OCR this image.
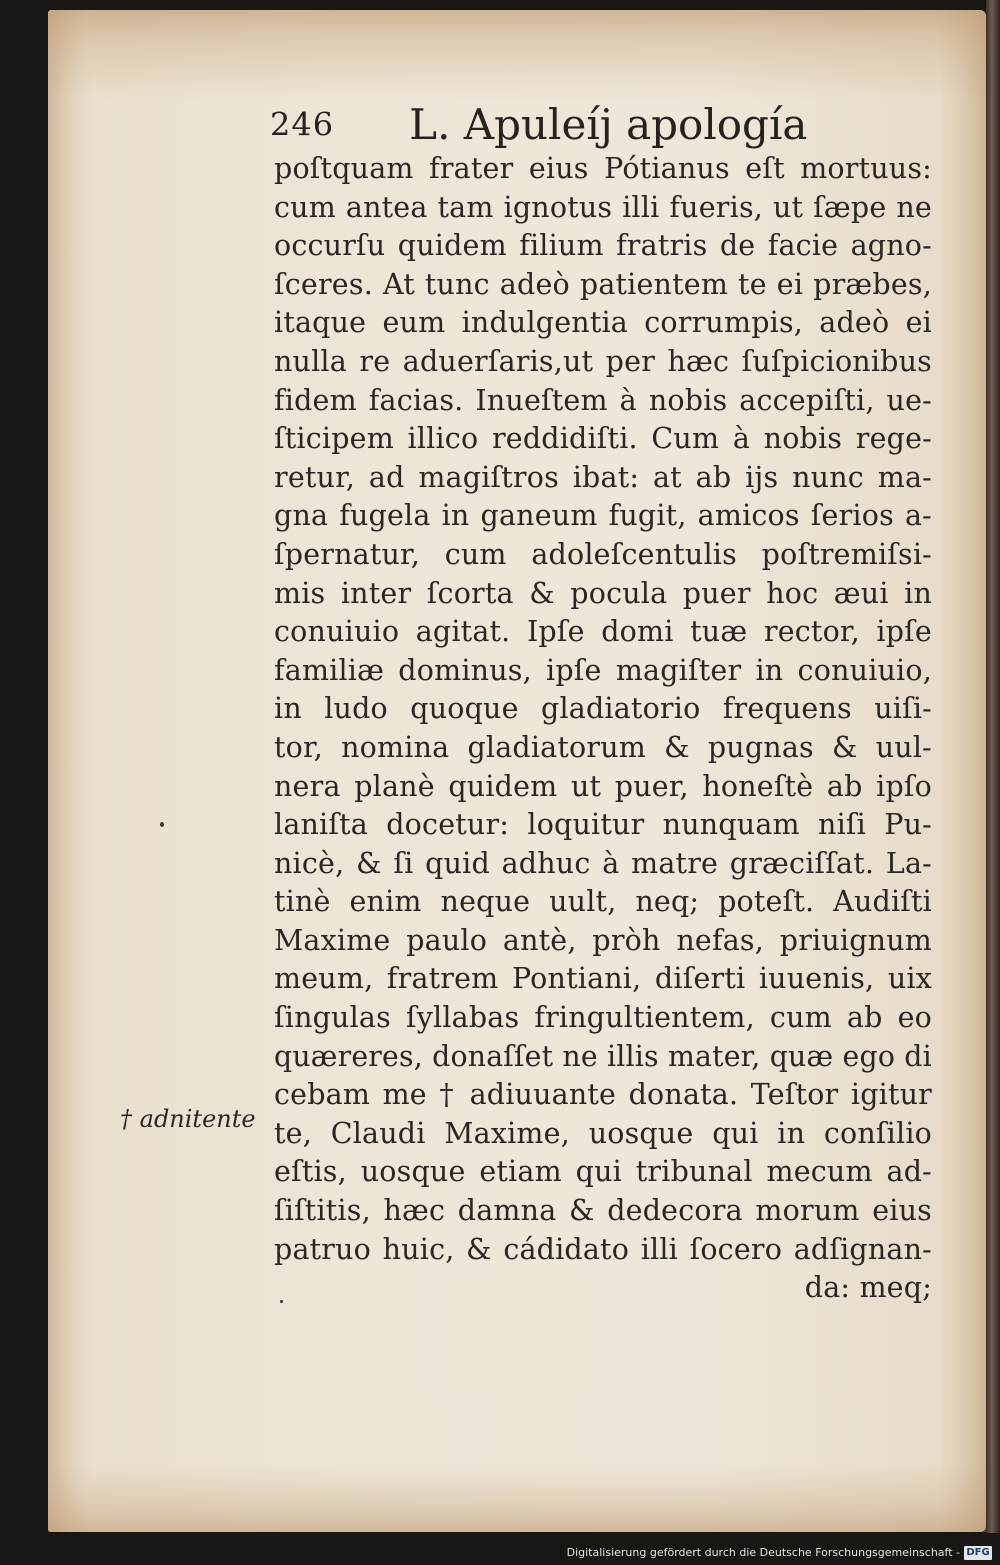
246 L. Apuleíj apología
poſtquam frater eius Pótianus eſt mortuus:
cum antea tam ignotus illi fueris, ut ſæpe ne
occurſu quidem filium fratris de facie agno-
ſceres. At tunc adeò patientem te ei præbes,
itaque eum indulgentia corrumpis, adeò ei
nulla re aduerſaris,ut per hæc ſuſpicionibus
fidem facias. Inueſtem à nobis accepiſti, ue-
ſticipem illico reddidiſti. Cum à nobis rege-
retur, ad magiſtros ibat: at ab ijs nunc ma-
gna fugela in ganeum fugit, amicos ſerios a-
ſpernatur, cum adoleſcentulis poſtremiſsi-
mis inter ſcorta & pocula puer hoc æui in
conuiuio agitat. Ipſe domi tuæ rector, ipſe
familiæ dominus, ipſe magiſter in conuiuio,
in ludo quoque gladiatorio frequens uiſi-
tor, nomina gladiatorum & pugnas & uul-
nera planè quidem ut puer, honeſtè ab ipſo
laniſta docetur: loquitur nunquam niſi Pu-
nicè, & ſi quid adhuc à matre græciſſat. La-
tinè enim neque uult, neq; poteſt. Audiſti
Maxime paulo antè, pròh nefas, priuignum
meum, fratrem Pontiani, diſerti iuuenis, uix
ſingulas ſyllabas fringultientem, cum ab eo
quæreres, donaſſet ne illis mater, quæ ego di
cebam me † adiuuante donata. Teſtor igitur
te, Claudi Maxime, uosque qui in conſilio
eſtis, uosque etiam qui tribunal mecum ad-
ſiſtitis, hæc damna & dedecora morum eius
patruo huic, & cádidato illi ſocero adſignan-
da: meq;
† adnitente
Digitalisierung gefördert durch die Deutsche Forschungsgemeinschaft - DFG
